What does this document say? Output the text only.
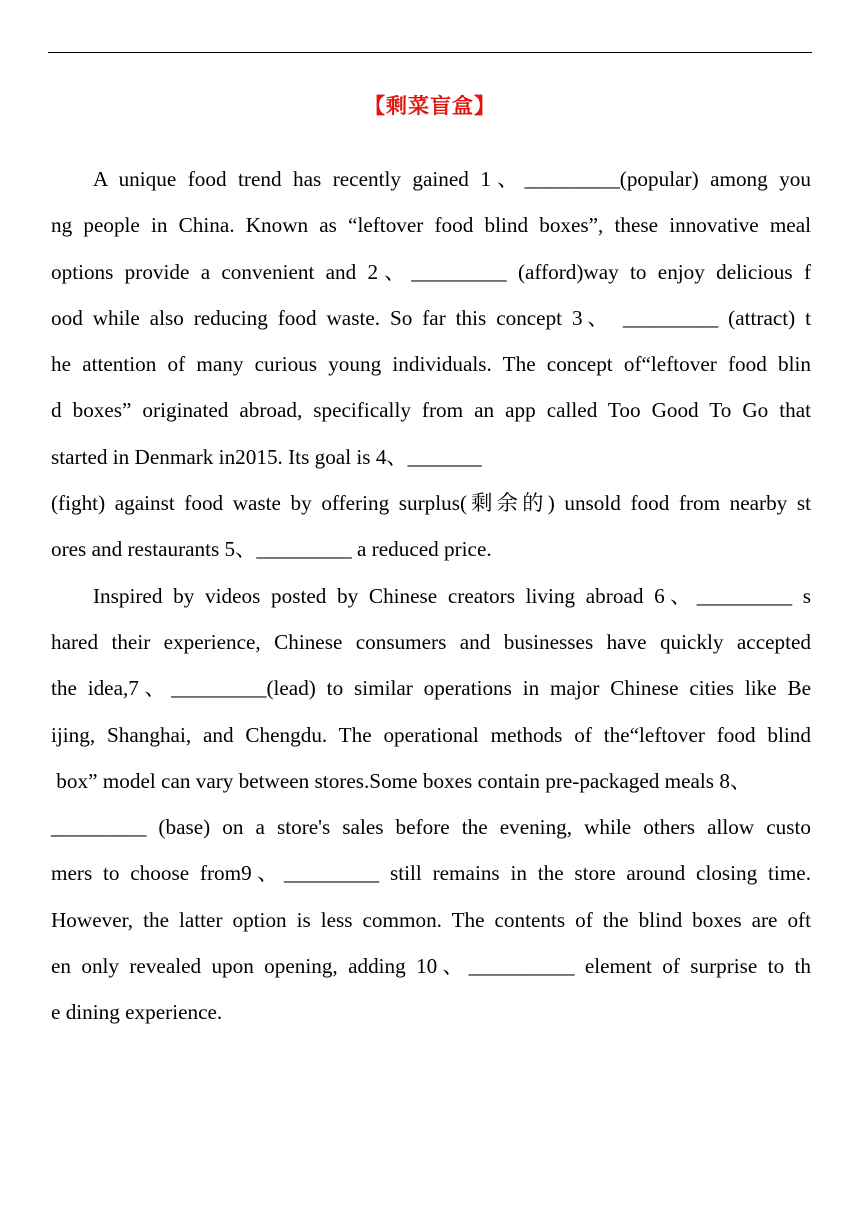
【剩菜盲盒】
A unique food trend has recently gained 1、_________(popular) among you
ng people in China. Known as “leftover food blind boxes”, these innovative meal
options provide a convenient and 2、_________ (afford)way to enjoy delicious f
ood while also reducing food waste. So far this concept 3、 _________ (attract) t
he attention of many curious young individuals. The concept of“leftover food blin
d boxes” originated abroad, specifically from an app called Too Good To Go that
started in Denmark in2015. Its goal is 4、_______
(fight) against food waste by offering surplus(剩余的) unsold food from nearby st
ores and restaurants 5、_________ a reduced price.
Inspired by videos posted by Chinese creators living abroad 6、_________ s
hared their experience, Chinese consumers and businesses have quickly accepted
the idea,7、_________(lead) to similar operations in major Chinese cities like Be
ijing, Shanghai, and Chengdu. The operational methods of the“leftover food blind
box” model can vary between stores.Some boxes contain pre-packaged meals 8、
_________ (base) on a store's sales before the evening, while others allow custo
mers to choose from9、_________ still remains in the store around closing time.
However, the latter option is less common. The contents of the blind boxes are oft
en only revealed upon opening, adding 10、__________ element of surprise to th
e dining experience.
